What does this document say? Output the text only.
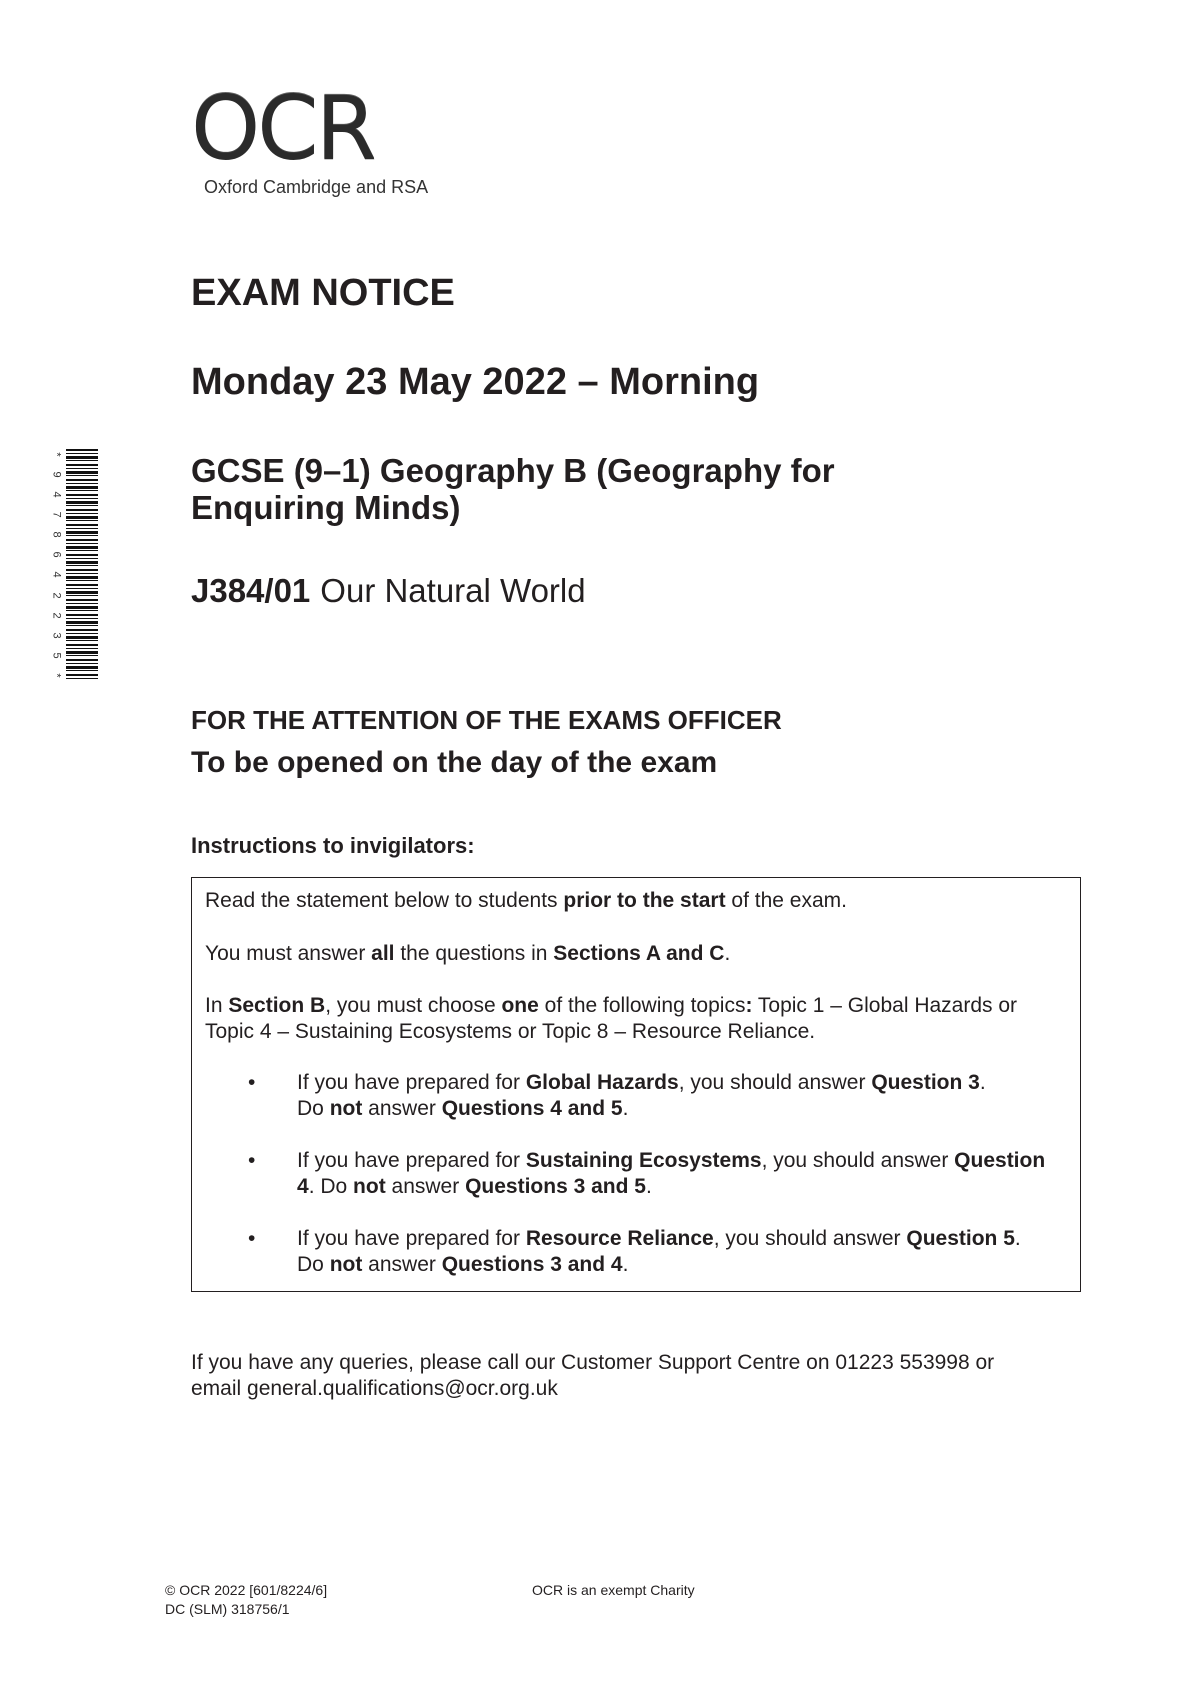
OCR
Oxford Cambridge and RSA
*
9
4
7
8
6
4
2
2
3
5
*
EXAM NOTICE
Monday 23 May 2022 – Morning
GCSE (9–1) Geography B (Geography for Enquiring Minds)
J384/01 Our Natural World
FOR THE ATTENTION OF THE EXAMS OFFICER
To be opened on the day of the exam
Instructions to invigilators:

Read the statement below to students prior to the start of the exam.

You must answer all the questions in Sections A and C.

In Section B, you must choose one of the following topics: Topic 1 – Global Hazards or Topic 4 – Sustaining Ecosystems or Topic 8 – Resource Reliance.

• If you have prepared for Global Hazards, you should answer Question 3.
Do not answer Questions 4 and 5.
• If you have prepared for Sustaining Ecosystems, you should answer Question 4. Do not answer Questions 3 and 5.
• If you have prepared for Resource Reliance, you should answer Question 5.
Do not answer Questions 3 and 4.

If you have any queries, please call our Customer Support Centre on 01223 553998 or
email general.qualifications@ocr.org.uk

© OCR 2022 [601/8224/6]
DC (SLM) 318756/1
OCR is an exempt Charity
